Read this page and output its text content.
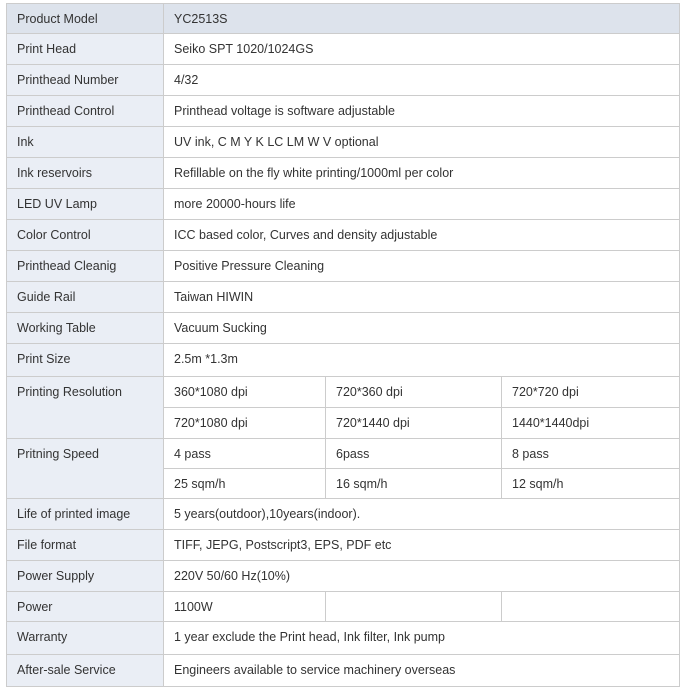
Product Model	YC2513S		
Print Head	Seiko SPT 1020/1024GS		
Printhead Number	4/32		
Printhead Control	Printhead voltage is software adjustable		
Ink	UV ink, C M Y K LC LM W V optional		
Ink reservoirs	Refillable on the fly white printing/1000ml per color		
LED UV Lamp	more 20000-hours life		
Color Control	ICC based color, Curves and density adjustable		
Printhead Cleanig	Positive Pressure Cleaning		
Guide Rail	Taiwan HIWIN		
Working Table	Vacuum Sucking		
Print Size	2.5m *1.3m		
Printing Resolution	360*1080 dpi	720*360 dpi	720*720 dpi
	720*1080 dpi	720*1440 dpi	1440*1440dpi
Pritning Speed	4 pass	6pass	8 pass
	25 sqm/h	16 sqm/h	12 sqm/h
Life of printed image	5 years(outdoor),10years(indoor).		
File format	TIFF, JEPG, Postscript3, EPS, PDF etc		
Power Supply	220V 50/60 Hz(10%)		
Power	1100W		
Warranty	1 year exclude the Print head, Ink filter, Ink pump		
After-sale Service	Engineers available to service machinery overseas		
